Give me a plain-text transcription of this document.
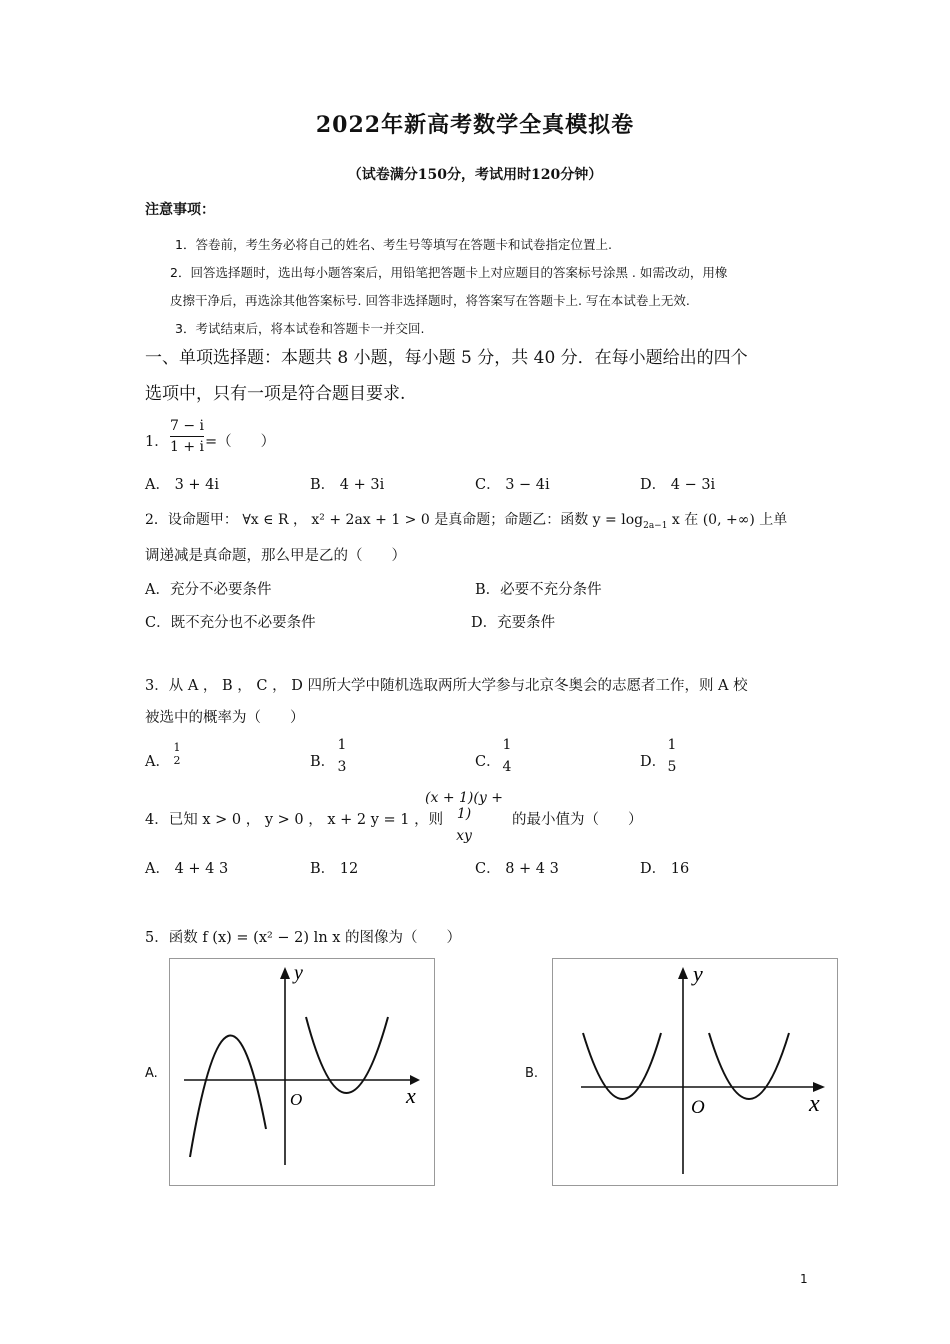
2022年新高考数学全真模拟卷
（试卷满分150分，考试用时120分钟）
注意事项：
1．答卷前，考生务必将自己的姓名、考生号等填写在答题卡和试卷指定位置上.
2．回答选择题时，选出每小题答案后，用铅笔把答题卡上对应题目的答案标号涂黑 . 如需改动，用橡
皮擦干净后，再选涂其他答案标号. 回答非选择题时，将答案写在答题卡上. 写在本试卷上无效.
3．考试结束后，将本试卷和答题卡一并交回.
一、单项选择题：本题共 8 小题，每小题 5 分，共 40 分．在每小题给出的四个
选项中，只有一项是符合题目要求.
1．
7 − i
1 + i =（　　）
A． 3 + 4i	B． 4 + 3i	C． 3 − 4i	D． 4 − 3i
2．设命题甲： ∀x ∈ R ， x² + 2ax + 1 > 0 是真命题；命题乙：函数 $y = \log_{2a-1} x$ 在 (0, +∞) 上单
调递减是真命题，那么甲是乙的（　　）
A．充分不必要条件	B．必要不充分条件
C．既不充分也不必要条件	D．充要条件
3．从 A ， B ， C ， D 四所大学中随机选取两所大学参与北京冬奥会的志愿者工作，则 A 校
被选中的概率为（　　）
A．
1
2	B．
1
3	C．
1
4	D．
1
5
4．已知 x > 0 ， y > 0 ， x + 2 y = 1 ，则
(x + 1)(y + 1)
xy
的最小值为（　　）
A． 4 + 4 3	B． 12	C． 8 + 4 3	D． 16
5．函数 f (x) = (x² − 2) ln x 的图像为（　　）
A.
y
x
O
B.
y
x
O
1
